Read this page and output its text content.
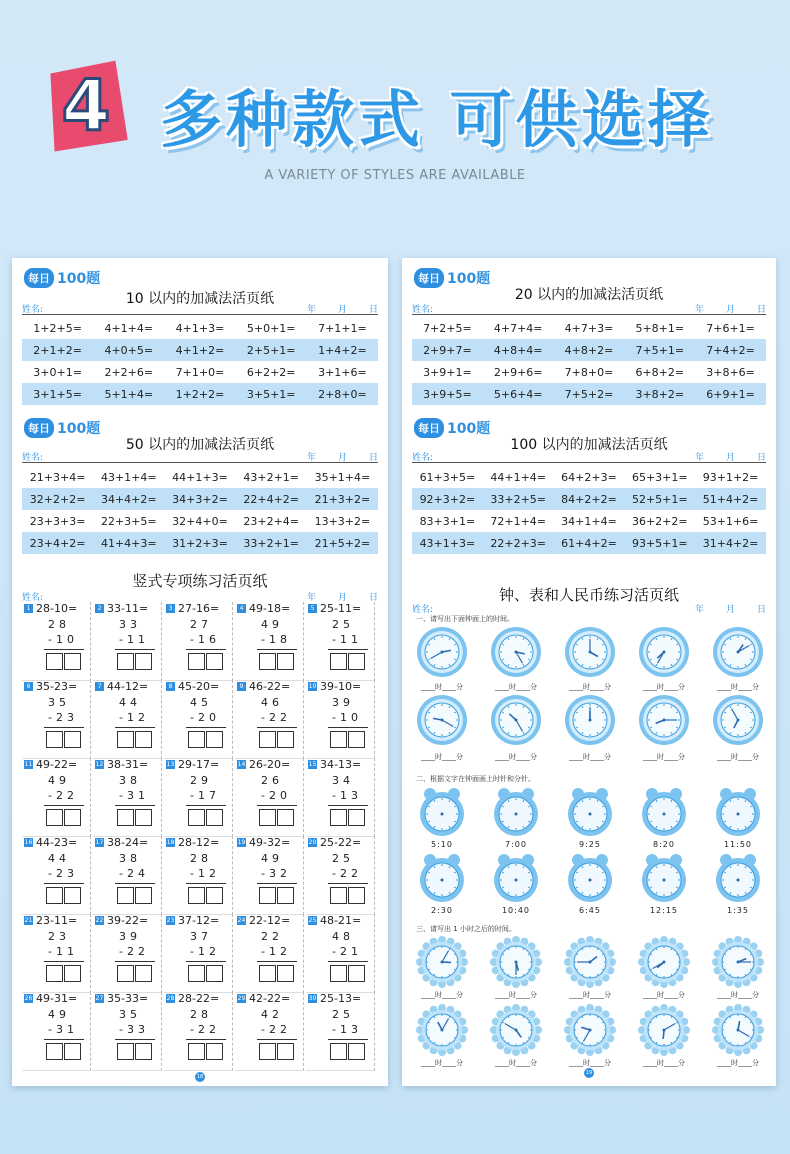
4 多种款式 可供选择
A VARIETY OF STYLES ARE AVAILABLE
每日 100题
10 以内的加减法活页纸
姓名:	年 月 日
1+2+5=	4+1+4=	4+1+3=	5+0+1=	7+1+1=
2+1+2=	4+0+5=	4+1+2=	2+5+1=	1+4+2=
3+0+1=	2+2+6=	7+1+0=	6+2+2=	3+1+6=
3+1+5=	5+1+4=	1+2+2=	3+5+1=	2+8+0=
每日 100题
50 以内的加减法活页纸
姓名:	年 月 日
21+3+4=	43+1+4=	44+1+3=	43+2+1=	35+1+4=
32+2+2=	34+4+2=	34+3+2=	22+4+2=	21+3+2=
23+3+3=	22+3+5=	32+4+0=	23+2+4=	13+3+2=
23+4+2=	41+4+3=	31+2+3=	33+2+1=	21+5+2=
竖式专项练习活页纸
姓名:	年 月 日
1 28-10=
28
-10
2 33-11=
33
-11
3 27-16=
27
-16
4 49-18=
49
-18
5 25-11=
25
-11
6 35-23=
35
-23
7 44-12=
44
-12
8 45-20=
45
-20
9 46-22=
46
-22
10 39-10=
39
-10
11 49-22=
49
-22
12 38-31=
38
-31
13 29-17=
29
-17
14 26-20=
26
-20
15 34-13=
34
-13
16 44-23=
44
-23
17 38-24=
38
-24
18 28-12=
28
-12
19 49-32=
49
-32
20 25-22=
25
-22
21 23-11=
23
-11
22 39-22=
39
-22
23 37-12=
37
-12
24 22-12=
22
-12
25 48-21=
48
-21
26 49-31=
49
-31
27 35-33=
35
-33
28 28-22=
28
-22
29 42-22=
42
-22
30 25-13=
25
-13
18
每日 100题
20 以内的加减法活页纸
姓名:	年 月 日
7+2+5=	4+7+4=	4+7+3=	5+8+1=	7+6+1=
2+9+7=	4+8+4=	4+8+2=	7+5+1=	7+4+2=
3+9+1=	2+9+6=	7+8+0=	6+8+2=	3+8+6=
3+9+5=	5+6+4=	7+5+2=	3+8+2=	6+9+1=
每日 100题
100 以内的加减法活页纸
姓名:	年 月 日
61+3+5=	44+1+4=	64+2+3=	65+3+1=	93+1+2=
92+3+2=	33+2+5=	84+2+2=	52+5+1=	51+4+2=
83+3+1=	72+1+4=	34+1+4=	36+2+2=	53+1+6=
43+1+3=	22+2+3=	61+4+2=	93+5+1=	31+4+2=
钟、表和人民币练习活页纸
姓名:	年 月 日
一、请写出下面钟面上的时间。
二、根据文字在钟面画上时针和分针。
三、请写出 1 小时之后的时间。
____时____分
____时____分
5:10
2:30
____时____分
____时____分
____时____分
____时____分
7:00
10:40
____时____分
____时____分
____时____分
____时____分
9:25
6:45
____时____分
____时____分
____时____分
____时____分
8:20
12:15
____时____分
____时____分
____时____分
____时____分
11:50
1:35
____时____分
____时____分
19
